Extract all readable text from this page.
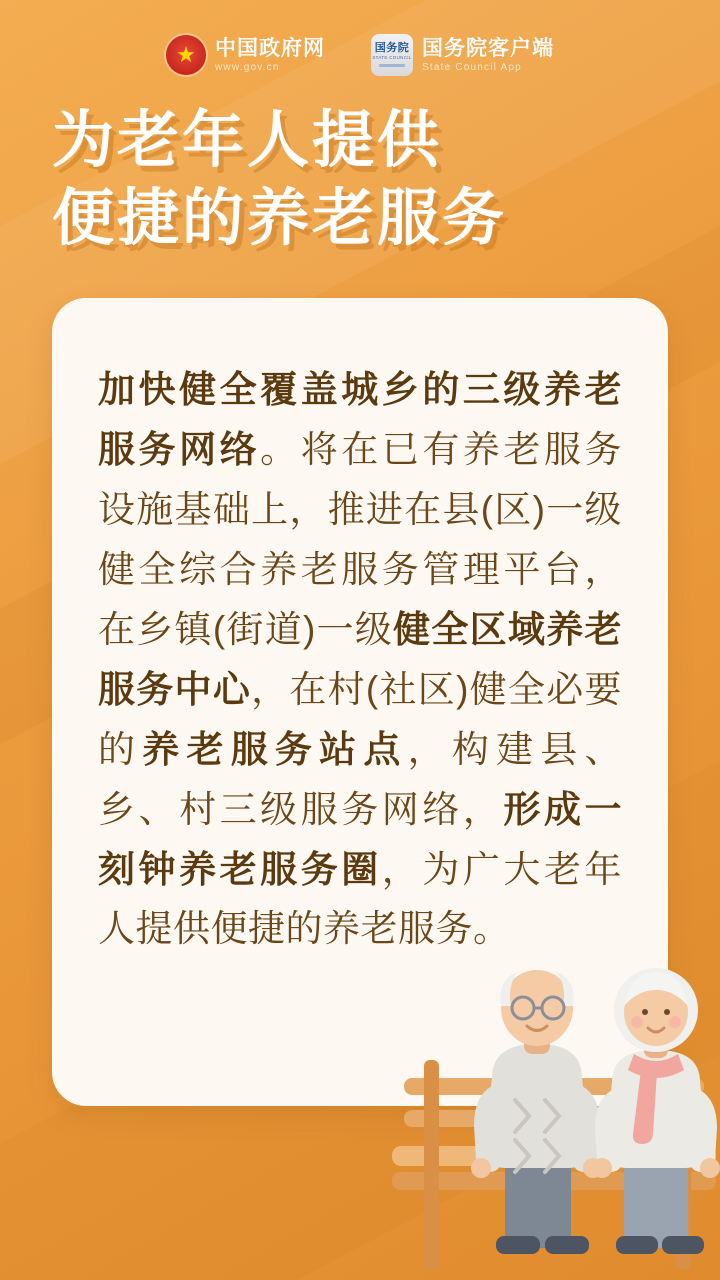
★ 中国政府网
www.gov.cn
国务院
STATE COUNCIL 国务院客户端
State Council App
为老年人提供
便捷的养老服务
加快健全覆盖城乡的三级养老服务网络。将在已有养老服务设施基础上，推进在县(区)一级健全综合养老服务管理平台，在乡镇(街道)一级健全区域养老服务中心，在村(社区)健全必要的养老服务站点，构建县、乡、村三级服务网络，形成一刻钟养老服务圈，为广大老年人提供便捷的养老服务。
